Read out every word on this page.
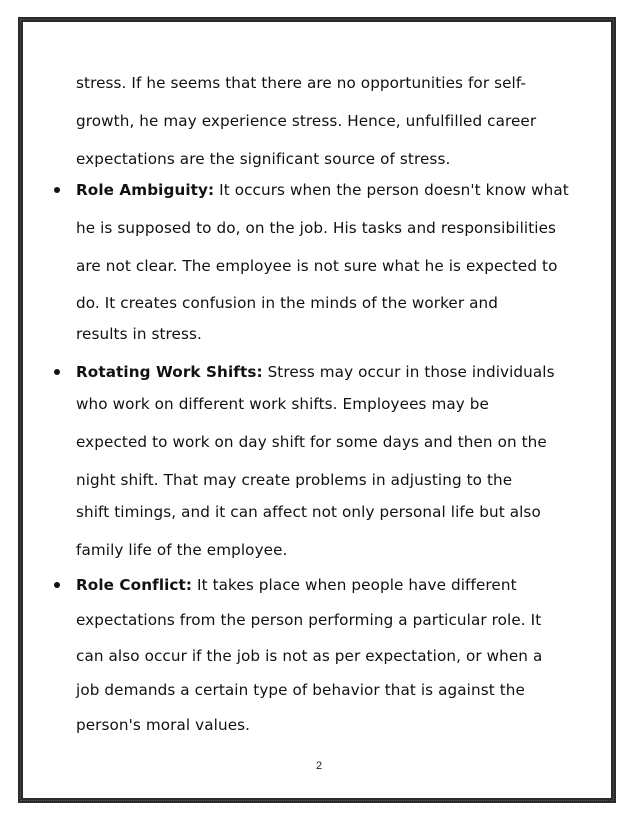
stress. If he seems that there are no opportunities for self-
growth, he may experience stress. Hence, unfulfilled career
expectations are the significant source of stress.
Role Ambiguity: It occurs when the person doesn't know what
he is supposed to do, on the job. His tasks and responsibilities
are not clear. The employee is not sure what he is expected to
do. It creates confusion in the minds of the worker and
results in stress.
Rotating Work Shifts: Stress may occur in those individuals
who work on different work shifts. Employees may be
expected to work on day shift for some days and then on the
night shift. That may create problems in adjusting to the
shift timings, and it can affect not only personal life but also
family life of the employee.
Role Conflict: It takes place when people have different
expectations from the person performing a particular role. It
can also occur if the job is not as per expectation, or when a
job demands a certain type of behavior that is against the
person's moral values.
2
